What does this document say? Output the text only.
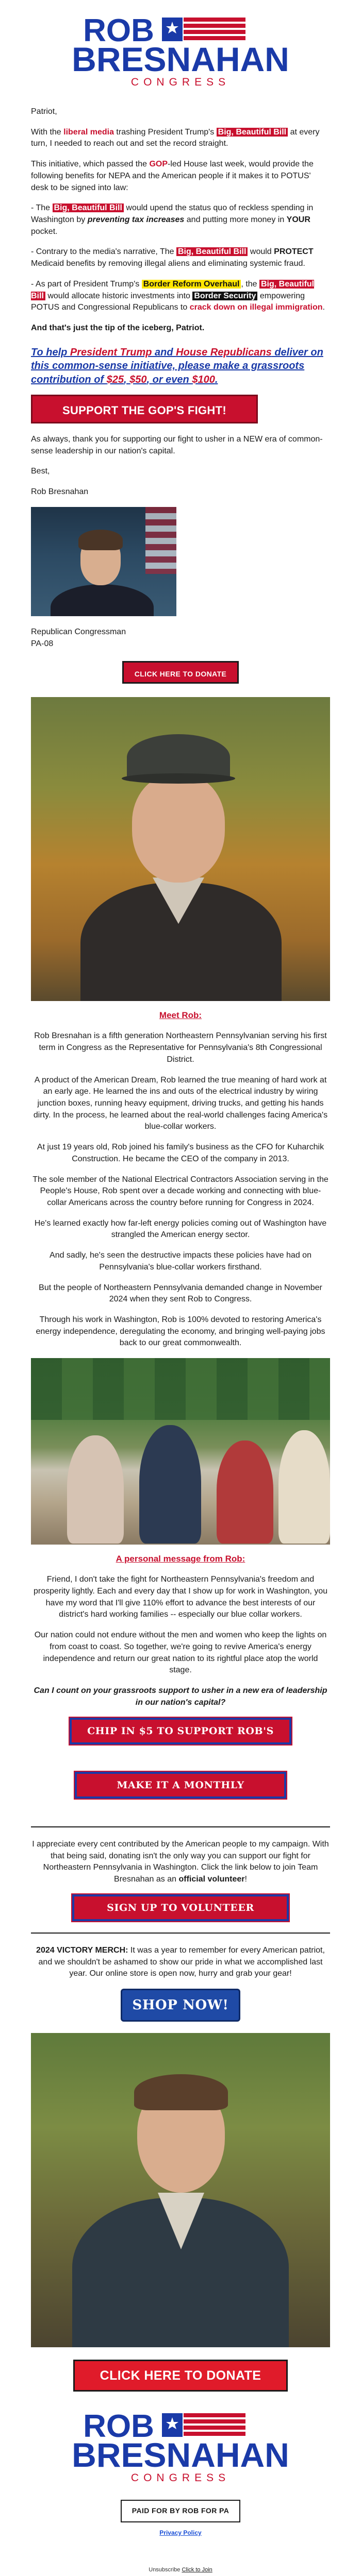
ROB
BRESNAHAN
CONGRESS

Patriot,

With the liberal media trashing President Trump's Big, Beautiful Bill at every turn, I needed to reach out and set the record straight.

This initiative, which passed the GOP-led House last week, would provide the following benefits for NEPA and the American people if it makes it to POTUS' desk to be signed into law:

- The Big, Beautiful Bill would upend the status quo of reckless spending in Washington by preventing tax increases and putting more money in YOUR pocket.

- Contrary to the media's narrative, The Big, Beautiful Bill would PROTECT Medicaid benefits by removing illegal aliens and eliminating systemic fraud.

- As part of President Trump's Border Reform Overhaul , the Big, Beautiful Bill would allocate historic investments into Border Security empowering POTUS and Congressional Republicans to crack down on illegal immigration.

And that's just the tip of the iceberg, Patriot.

To help President Trump and House Republicans deliver on this common-sense initiative, please make a grassroots contribution of $25, $50, or even $100.

SUPPORT THE GOP'S FIGHT!

As always, thank you for supporting our fight to usher in a NEW era of common-sense leadership in our nation's capital.

Best,

Rob Bresnahan

Republican Congressman

PA-08

CLICK HERE TO DONATE
Meet Rob:

Rob Bresnahan is a fifth generation Northeastern Pennsylvanian serving his first term in Congress as the Representative for Pennsylvania's 8th Congressional District.

A product of the American Dream, Rob learned the true meaning of hard work at an early age. He learned the ins and outs of the electrical industry by wiring junction boxes, running heavy equipment, driving trucks, and getting his hands dirty. In the process, he learned about the real-world challenges facing America's blue-collar workers.

At just 19 years old, Rob joined his family's business as the CFO for Kuharchik Construction. He became the CEO of the company in 2013.

The sole member of the National Electrical Contractors Association serving in the People's House, Rob spent over a decade working and connecting with blue-collar Americans across the country before running for Congress in 2024.

He's learned exactly how far-left energy policies coming out of Washington have strangled the American energy sector.

And sadly, he's seen the destructive impacts these policies have had on Pennsylvania's blue-collar workers firsthand.

But the people of Northeastern Pennsylvania demanded change in November 2024 when they sent Rob to Congress.

Through his work in Washington, Rob is 100% devoted to restoring America's energy independence, deregulating the economy, and bringing well-paying jobs back to our great commonwealth.

A personal message from Rob:

Friend, I don't take the fight for Northeastern Pennsylvania's freedom and prosperity lightly. Each and every day that I show up for work in Washington, you have my word that I'll give 110% effort to advance the best interests of our district's hard working families -- especially our blue collar workers.

Our nation could not endure without the men and women who keep the lights on from coast to coast. So together, we're going to revive America's energy independence and return our great nation to its rightful place atop the world stage.

Can I count on your grassroots support to usher in a new era of leadership in our nation's capital?

CHIP IN $5 TO SUPPORT ROB'S MISSION
MAKE IT A MONTHLY DONATION!

I appreciate every cent contributed by the American people to my campaign. With that being said, donating isn't the only way you can support our fight for Northeastern Pennsylvania in Washington. Click the link below to join Team Bresnahan as an official volunteer!

SIGN UP TO VOLUNTEER

2024 VICTORY MERCH: It was a year to remember for every American patriot, and we shouldn't be ashamed to show our pride in what we accomplished last year. Our online store is open now, hurry and grab your gear!

SHOP NOW!
CLICK HERE TO DONATE
ROB
BRESNAHAN
CONGRESS
PAID FOR BY ROB FOR PA
Privacy Policy
Unsubscribe Click to Join
